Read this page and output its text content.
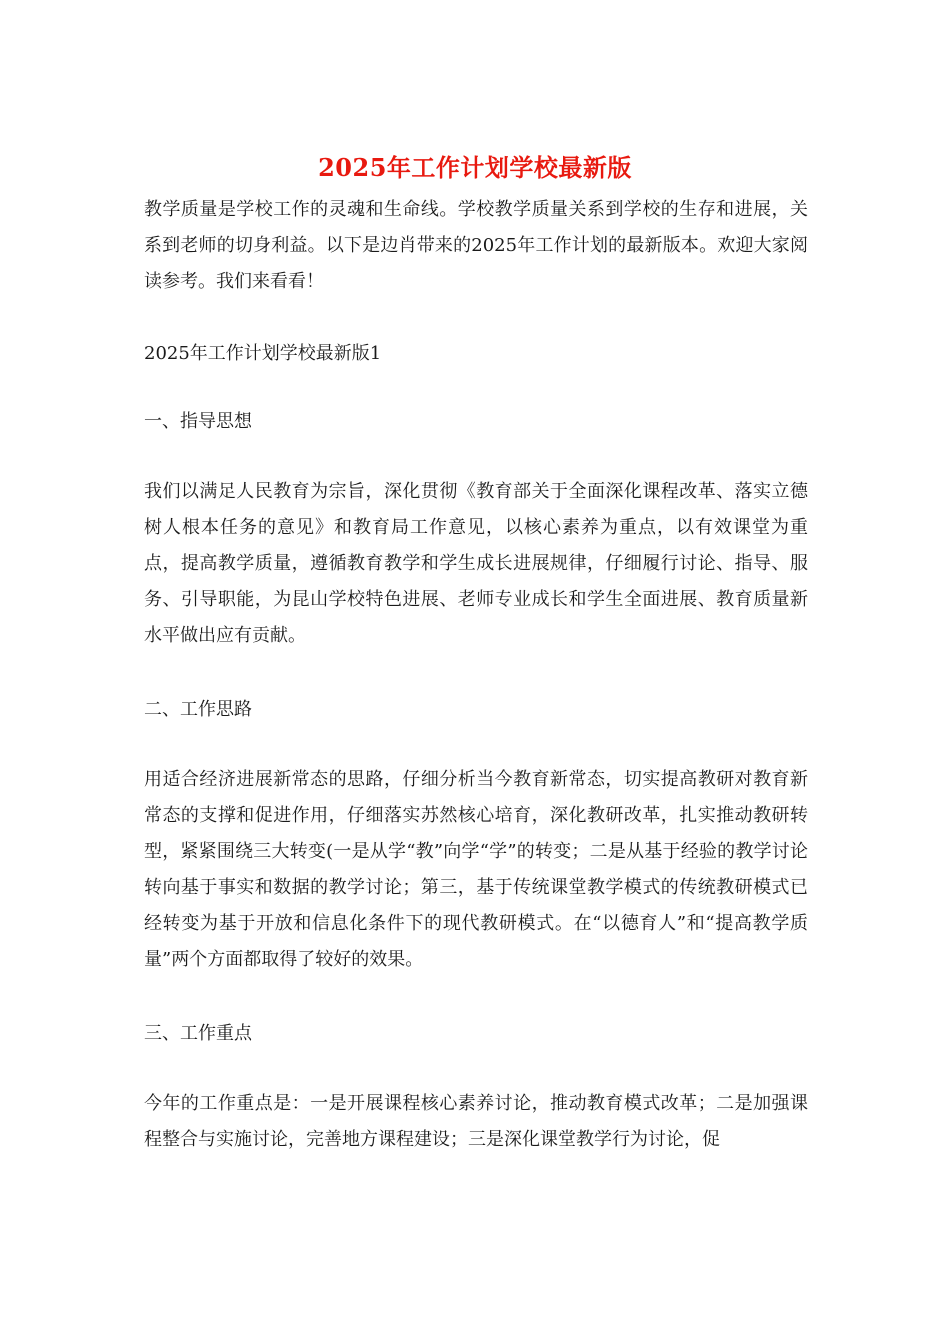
2025年工作计划学校最新版

教学质量是学校工作的灵魂和生命线。学校教学质量关系到学校的生存和进展，关系到老师的切身利益。以下是边肖带来的2025年工作计划的最新版本。欢迎大家阅读参考。我们来看看！

2025年工作计划学校最新版1

一、指导思想

我们以满足人民教育为宗旨，深化贯彻《教育部关于全面深化课程改革、落实立德树人根本任务的意见》和教育局工作意见，以核心素养为重点，以有效课堂为重点，提高教学质量，遵循教育教学和学生成长进展规律，仔细履行讨论、指导、服务、引导职能，为昆山学校特色进展、老师专业成长和学生全面进展、教育质量新水平做出应有贡献。

二、工作思路

用适合经济进展新常态的思路，仔细分析当今教育新常态，切实提高教研对教育新常态的支撑和促进作用，仔细落实苏然核心培育，深化教研改革，扎实推动教研转型，紧紧围绕三大转变(一是从学“教”向学“学”的转变；二是从基于经验的教学讨论转向基于事实和数据的教学讨论；第三，基于传统课堂教学模式的传统教研模式已经转变为基于开放和信息化条件下的现代教研模式。在“以德育人”和“提高教学质量”两个方面都取得了较好的效果。

三、工作重点

今年的工作重点是：一是开展课程核心素养讨论，推动教育模式改革；二是加强课程整合与实施讨论，完善地方课程建设；三是深化课堂教学行为讨论，促
